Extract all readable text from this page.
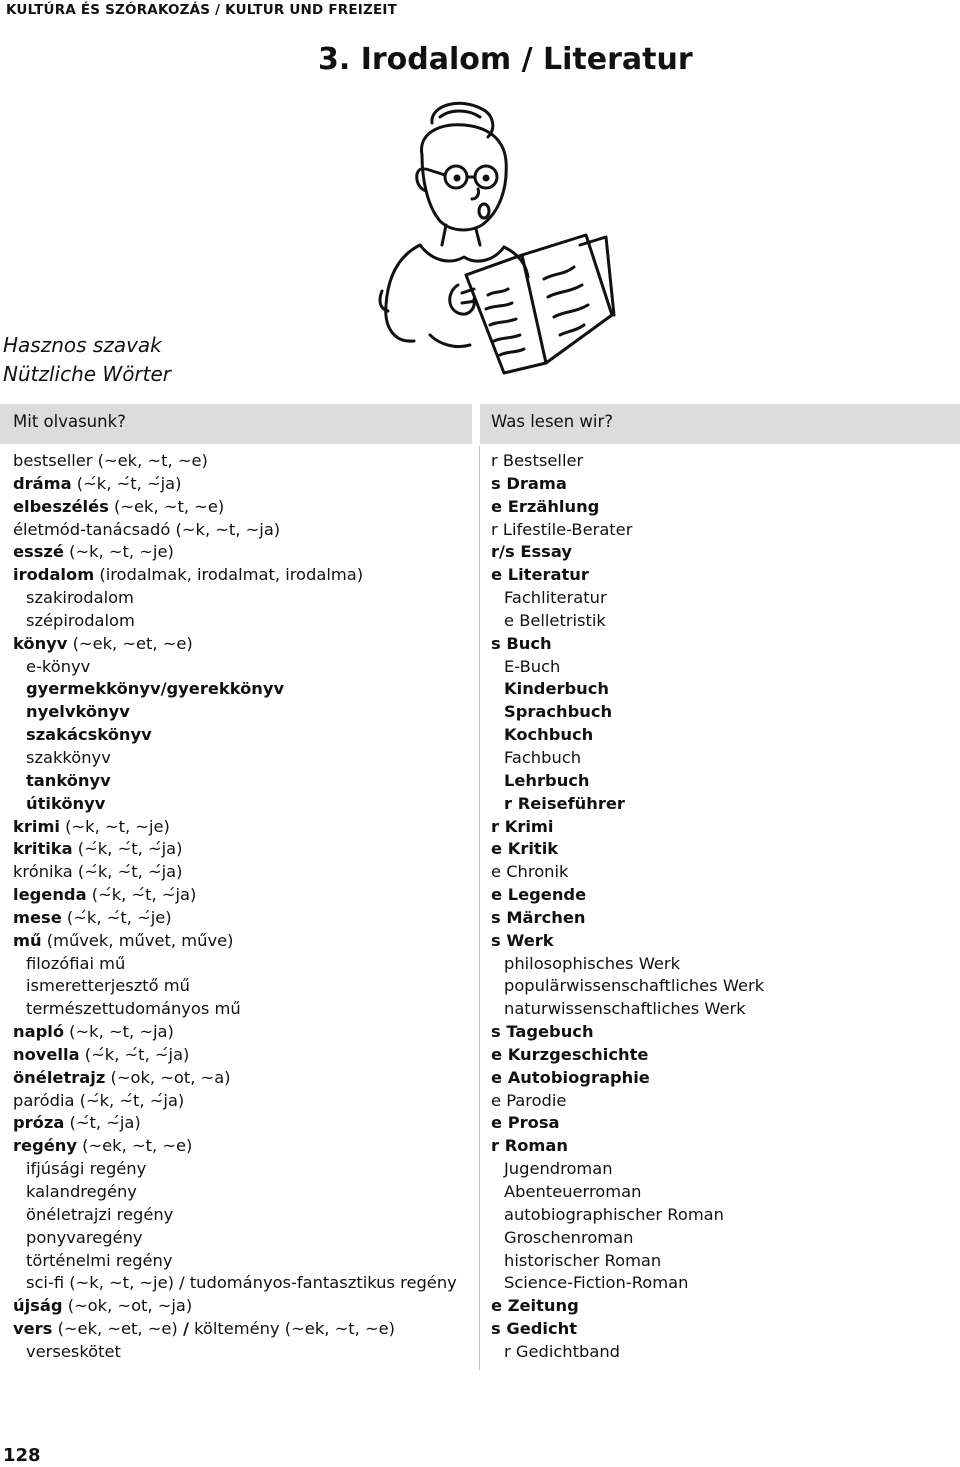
KULTÚRA ÉS SZÓRAKOZÁS / KULTUR UND FREIZEIT
3. Irodalom / Literatur
Hasznos szavak
Nützliche Wörter
Mit olvasunk?	Was lesen wir?
bestseller (~ek, ~t, ~e)
dráma (~́k, ~́t, ~́ja)
elbeszélés (~ek, ~t, ~e)
életmód-tanácsadó (~k, ~t, ~ja)
esszé (~k, ~t, ~je)
irodalom (irodalmak, irodalmat, irodalma)
szakirodalom
szépirodalom
könyv (~ek, ~et, ~e)
e-könyv
gyermekkönyv/gyerekkönyv
nyelvkönyv
szakácskönyv
szakkönyv
tankönyv
útikönyv
krimi (~k, ~t, ~je)
kritika (~́k, ~́t, ~́ja)
krónika (~́k, ~́t, ~́ja)
legenda (~́k, ~́t, ~́ja)
mese (~́k, ~́t, ~́je)
mű (művek, művet, műve)
filozófiai mű
ismeretterjesztő mű
természettudományos mű
napló (~k, ~t, ~ja)
novella (~́k, ~́t, ~́ja)
önéletrajz (~ok, ~ot, ~a)
paródia (~́k, ~́t, ~́ja)
próza (~́t, ~́ja)
regény (~ek, ~t, ~e)
ifjúsági regény
kalandregény
önéletrajzi regény
ponyvaregény
történelmi regény
sci-fi (~k, ~t, ~je) / tudományos-fantasztikus regény
újság (~ok, ~ot, ~ja)
vers (~ek, ~et, ~e) / költemény (~ek, ~t, ~e)
verseskötet
r Bestseller
s Drama
e Erzählung
r Lifestile-Berater
r/s Essay
e Literatur
Fachliteratur
e Belletristik
s Buch
E-Buch
Kinderbuch
Sprachbuch
Kochbuch
Fachbuch
Lehrbuch
r Reiseführer
r Krimi
e Kritik
e Chronik
e Legende
s Märchen
s Werk
philosophisches Werk
populärwissenschaftliches Werk
naturwissenschaftliches Werk
s Tagebuch
e Kurzgeschichte
e Autobiographie
e Parodie
e Prosa
r Roman
Jugendroman
Abenteuerroman
autobiographischer Roman
Groschenroman
historischer Roman
Science-Fiction-Roman
e Zeitung
s Gedicht
r Gedichtband
128
